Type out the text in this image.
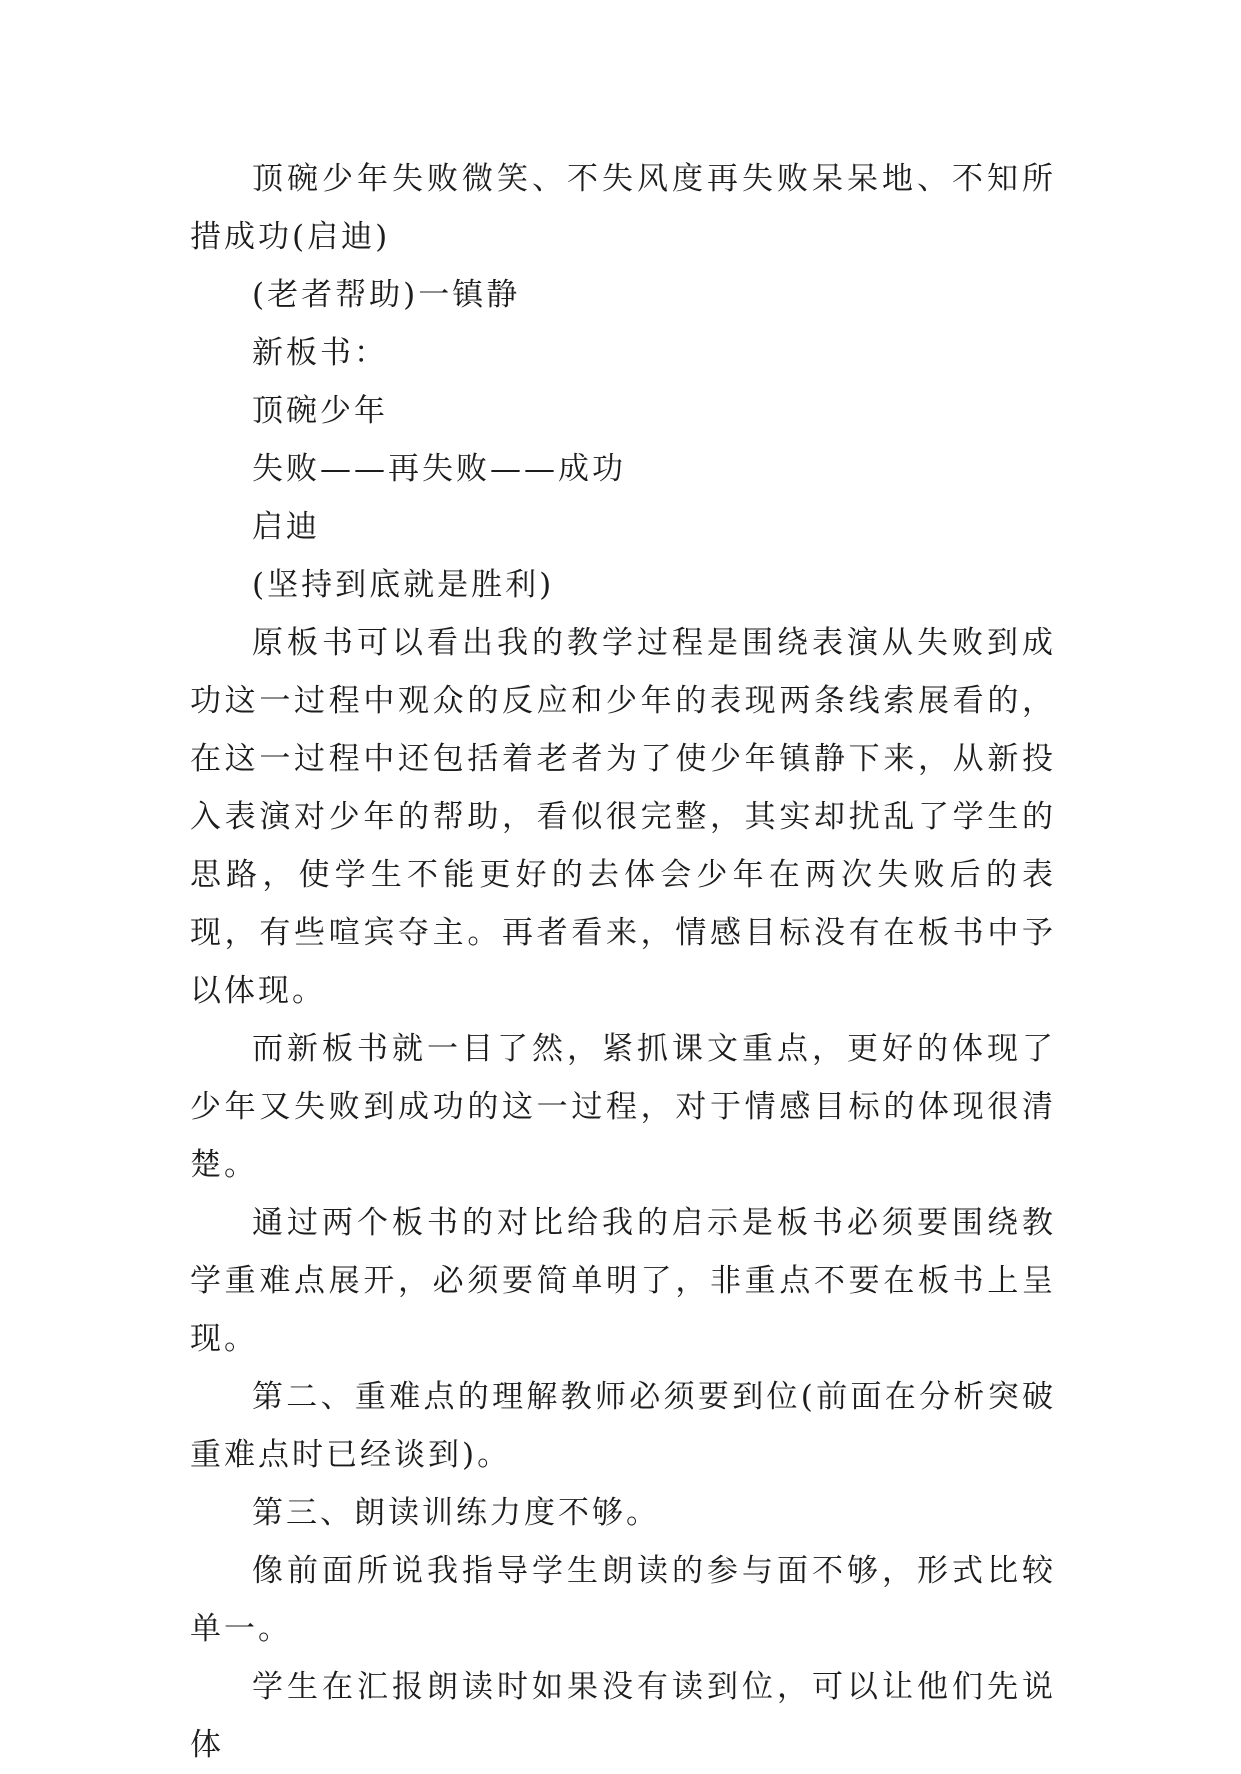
顶碗少年失败微笑、不失风度再失败呆呆地、不知所措成功(启迪)

(老者帮助)一镇静

新板书：

顶碗少年

失败——再失败——成功

启迪

(坚持到底就是胜利)

原板书可以看出我的教学过程是围绕表演从失败到成功这一过程中观众的反应和少年的表现两条线索展看的，在这一过程中还包括着老者为了使少年镇静下来，从新投入表演对少年的帮助，看似很完整，其实却扰乱了学生的思路，使学生不能更好的去体会少年在两次失败后的表现，有些喧宾夺主。再者看来，情感目标没有在板书中予以体现。

而新板书就一目了然，紧抓课文重点，更好的体现了少年又失败到成功的这一过程，对于情感目标的体现很清楚。

通过两个板书的对比给我的启示是板书必须要围绕教学重难点展开，必须要简单明了，非重点不要在板书上呈现。

第二、重难点的理解教师必须要到位(前面在分析突破重难点时已经谈到)。

第三、朗读训练力度不够。

像前面所说我指导学生朗读的参与面不够，形式比较单一。

学生在汇报朗读时如果没有读到位，可以让他们先说体
